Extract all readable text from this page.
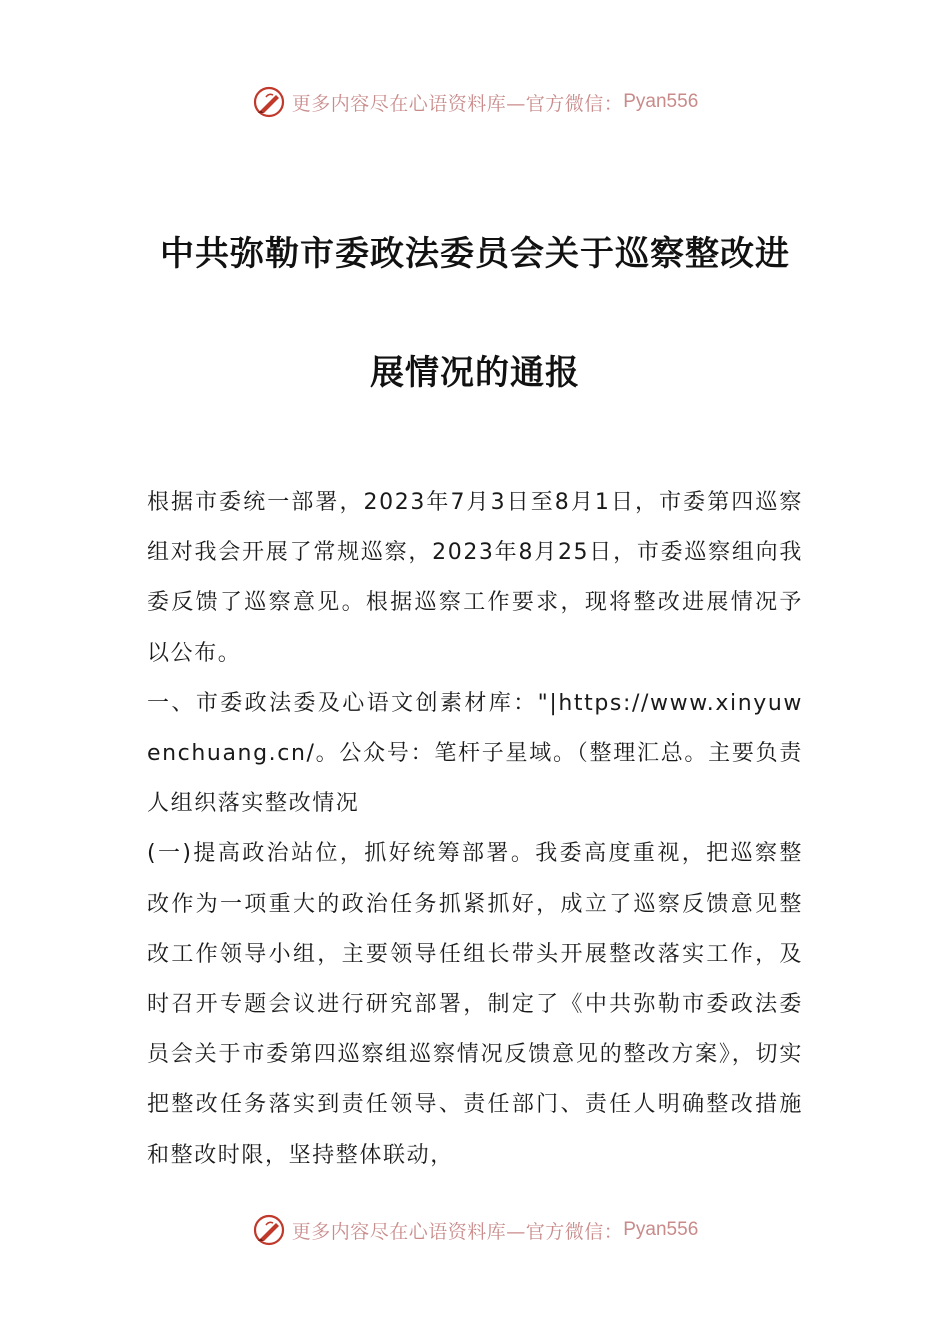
更多内容尽在心语资料库—官方微信： Pyan556
中共弥勒市委政法委员会关于巡察整改进
展情况的通报

根据市委统一部署，2023年7月3日至8月1日，市委第四巡察组对我会开展了常规巡察，2023年8月25日，市委巡察组向我委反馈了巡察意见。根据巡察工作要求，现将整改进展情况予以公布。

一、市委政法委及心语文创素材库："|https://www.xinyuwenchuang.cn/。公众号：笔杆子星域。（整理汇总。主要负责人组织落实整改情况

(一)提高政治站位，抓好统筹部署。我委高度重视，把巡察整改作为一项重大的政治任务抓紧抓好，成立了巡察反馈意见整改工作领导小组，主要领导任组长带头开展整改落实工作，及时召开专题会议进行研究部署，制定了《中共弥勒市委政法委员会关于市委第四巡察组巡察情况反馈意见的整改方案》，切实把整改任务落实到责任领导、责任部门、责任人明确整改措施和整改时限，坚持整体联动，

更多内容尽在心语资料库—官方微信： Pyan556
